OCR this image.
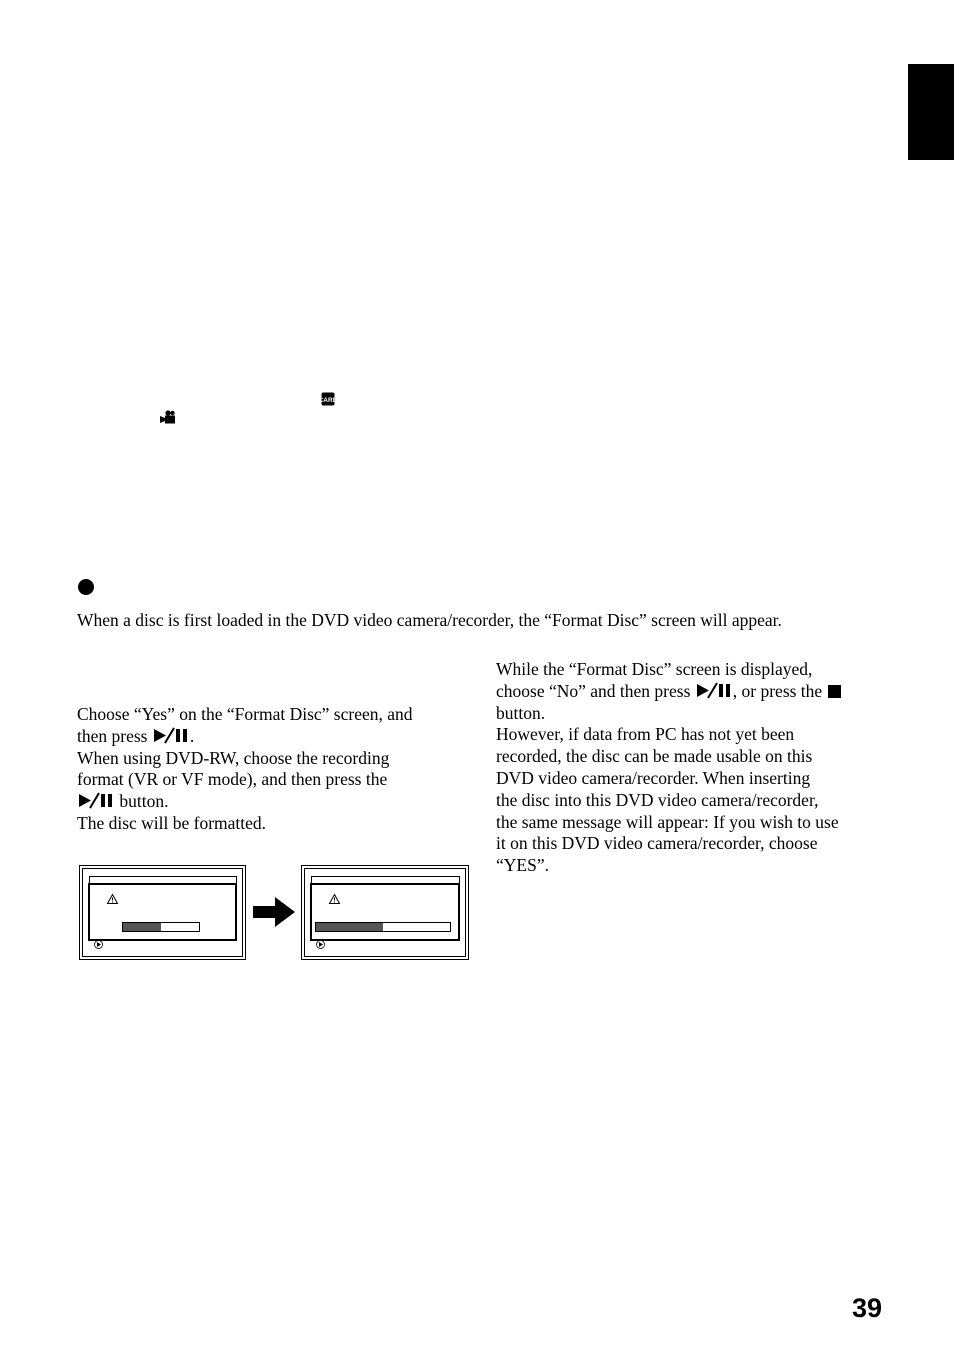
CARD
When a disc is first loaded in the DVD video camera/recorder, the “Format Disc” screen will appear.
Choose “Yes” on the “Format Disc” screen, and
then press .
When using DVD-RW, choose the recording
format (VR or VF mode), and then press the
button.
The disc will be formatted.
While the “Format Disc” screen is displayed,
choose “No” and then press , or press the
button.
However, if data from PC has not yet been
recorded, the disc can be made usable on this
DVD video camera/recorder. When inserting
the disc into this DVD video camera/recorder,
the same message will appear: If you wish to use
it on this DVD video camera/recorder, choose
“YES”.
39
